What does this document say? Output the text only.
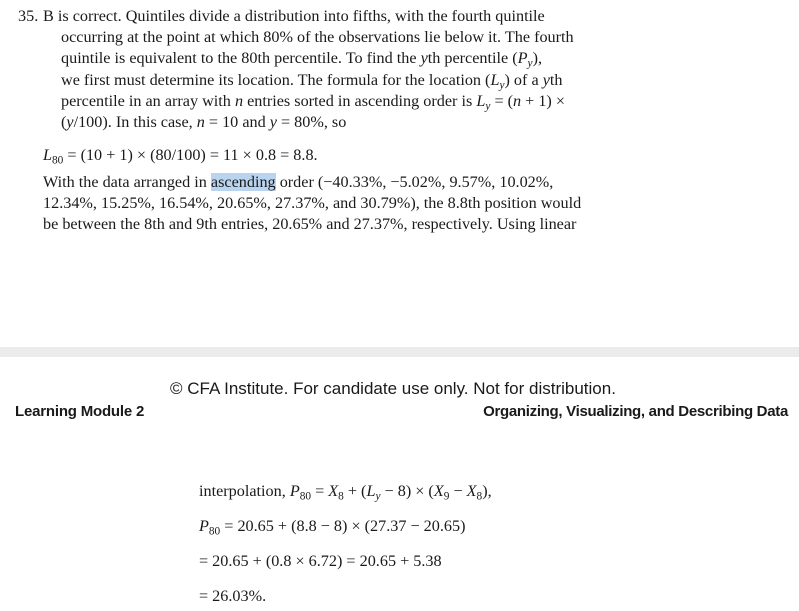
35. B is correct. Quintiles divide a distribution into fifths, with the fourth quintile
occurring at the point at which 80% of the observations lie below it. The fourth
quintile is equivalent to the 80th percentile. To find the yth percentile $(P_y)$,
we first must determine its location. The formula for the location $(L_y)$ of a yth
percentile in an array with n entries sorted in ascending order is $L_y = (n + 1)$ ×
(y/100). In this case, n = 10 and y = 80%, so
$L_{80} = (10 + 1) \times (80/100) = 11 \times 0.8 = 8.8$.
With the data arranged in ascending order (−40.33%, −5.02%, 9.57%, 10.02%,
12.34%, 15.25%, 16.54%, 20.65%, 27.37%, and 30.79%), the 8.8th position would
be between the 8th and 9th entries, 20.65% and 27.37%, respectively. Using linear
© CFA Institute. For candidate use only. Not for distribution.
Learning Module 2	Organizing, Visualizing, and Describing Data
interpolation, $P_{80} = X_8 + (L_y - 8) \times (X_9 - X_8)$,
$P_{80} = 20.65 + (8.8 - 8) \times (27.37 - 20.65)$
= 20.65 + (0.8 × 6.72) = 20.65 + 5.38
= 26.03%.
